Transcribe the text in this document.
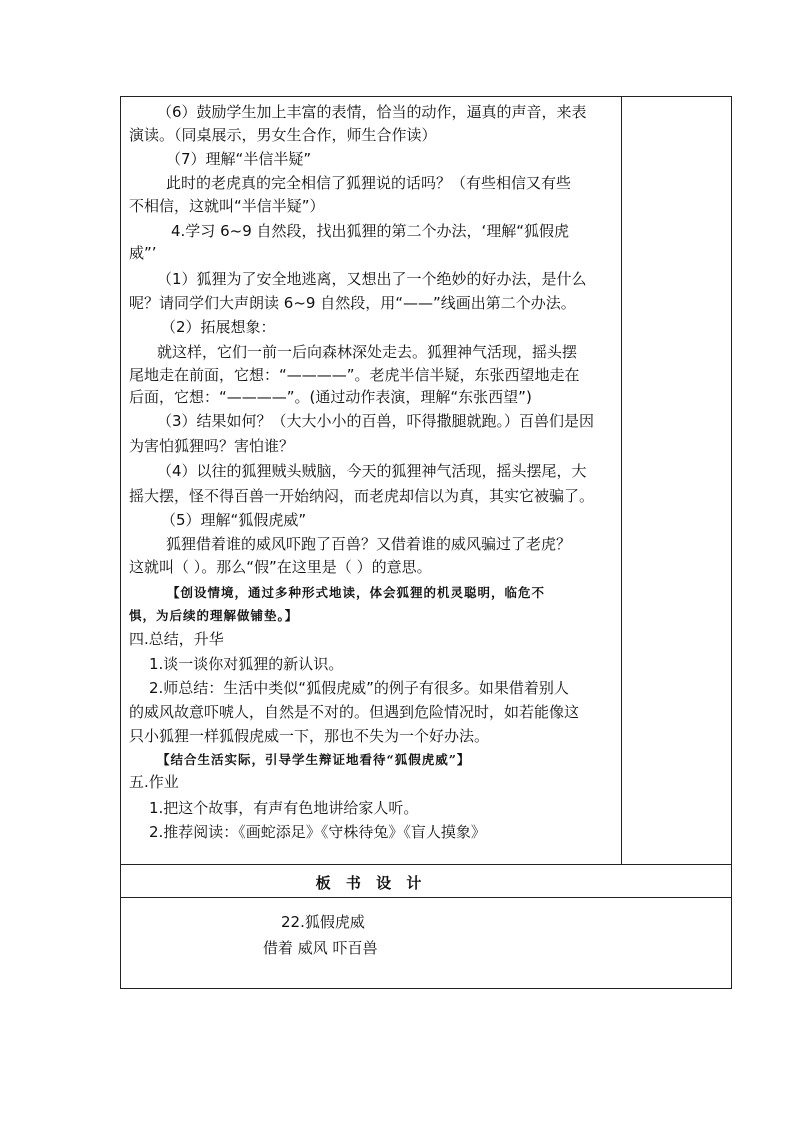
（6）鼓励学生加上丰富的表情，恰当的动作，逼真的声音，来表
演读。（同桌展示，男女生合作，师生合作读）
（7）理解“半信半疑”
此时的老虎真的完全相信了狐狸说的话吗？（有些相信又有些
不相信，这就叫“半信半疑”）
4.学习 6~9 自然段，找出狐狸的第二个办法，‘理解“狐假虎
威”’
（1）狐狸为了安全地逃离，又想出了一个绝妙的好办法，是什么
呢？请同学们大声朗读 6~9 自然段，用“——”线画出第二个办法。
（2）拓展想象：
就这样，它们一前一后向森林深处走去。狐狸神气活现，摇头摆
尾地走在前面，它想：“————”。老虎半信半疑，东张西望地走在
后面，它想：“————”。(通过动作表演，理解“东张西望”)
（3）结果如何？（大大小小的百兽，吓得撒腿就跑。）百兽们是因
为害怕狐狸吗？害怕谁？
（4）以往的狐狸贼头贼脑，今天的狐狸神气活现，摇头摆尾，大
摇大摆，怪不得百兽一开始纳闷，而老虎却信以为真，其实它被骗了。
（5）理解“狐假虎威”
狐狸借着谁的威风吓跑了百兽？又借着谁的威风骗过了老虎？
这就叫（ ）。那么“假”在这里是（ ）的意思。
【创设情境，通过多种形式地读，体会狐狸的机灵聪明，临危不
惧，为后续的理解做铺垫。】
四.总结，升华
1.谈一谈你对狐狸的新认识。
2.师总结：生活中类似“狐假虎威”的例子有很多。如果借着别人
的威风故意吓唬人，自然是不对的。但遇到危险情况时，如若能像这
只小狐狸一样狐假虎威一下，那也不失为一个好办法。
【结合生活实际，引导学生辩证地看待“狐假虎威”】
五.作业
1.把这个故事，有声有色地讲给家人听。
2.推荐阅读：《画蛇添足》《守株待兔》《盲人摸象》
板 书 设 计
22.狐假虎威
借着 威风 吓百兽
